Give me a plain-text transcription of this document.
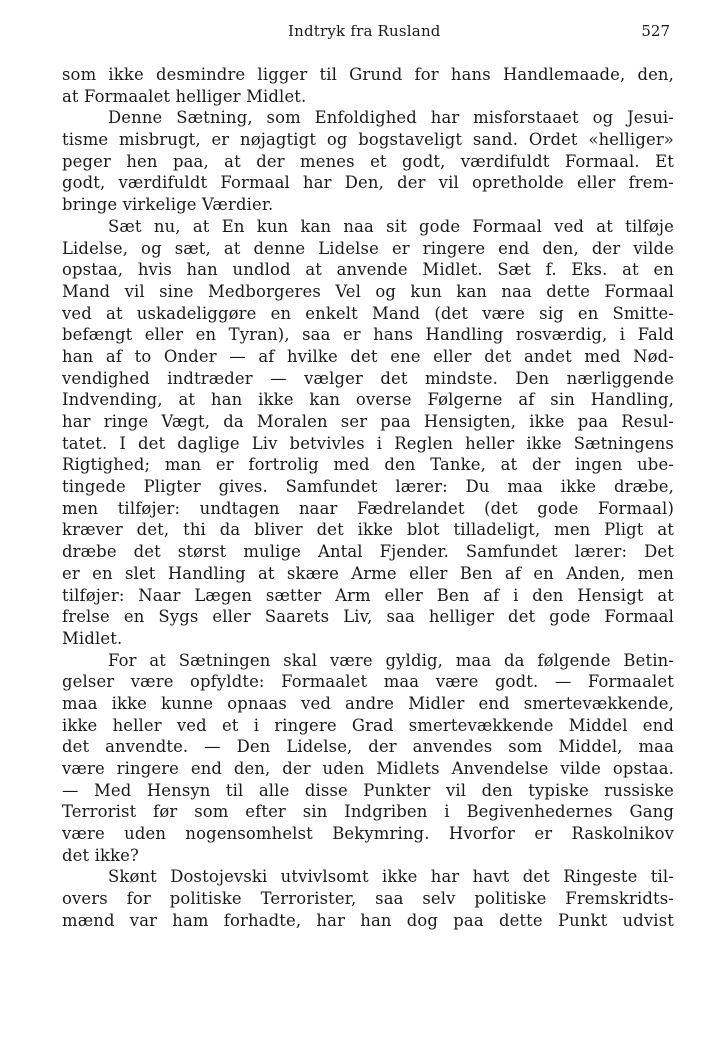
Indtryk fra Rusland	527
som ikke desmindre ligger til Grund for hans Handlemaade, den,
at Formaalet helliger Midlet.
Denne Sætning, som Enfoldighed har misforstaaet og Jesui-
tisme misbrugt, er nøjagtigt og bogstaveligt sand. Ordet «helliger»
peger hen paa, at der menes et godt, værdifuldt Formaal. Et
godt, værdifuldt Formaal har Den, der vil opretholde eller frem-
bringe virkelige Værdier.
Sæt nu, at En kun kan naa sit gode Formaal ved at tilføje
Lidelse, og sæt, at denne Lidelse er ringere end den, der vilde
opstaa, hvis han undlod at anvende Midlet. Sæt f. Eks. at en
Mand vil sine Medborgeres Vel og kun kan naa dette Formaal
ved at uskadeliggøre en enkelt Mand (det være sig en Smitte-
befængt eller en Tyran), saa er hans Handling rosværdig, i Fald
han af to Onder — af hvilke det ene eller det andet med Nød-
vendighed indtræder — vælger det mindste. Den nærliggende
Indvending, at han ikke kan overse Følgerne af sin Handling,
har ringe Vægt, da Moralen ser paa Hensigten, ikke paa Resul-
tatet. I det daglige Liv betvivles i Reglen heller ikke Sætningens
Rigtighed; man er fortrolig med den Tanke, at der ingen ube-
tingede Pligter gives. Samfundet lærer: Du maa ikke dræbe,
men tilføjer: undtagen naar Fædrelandet (det gode Formaal)
kræver det, thi da bliver det ikke blot tilladeligt, men Pligt at
dræbe det størst mulige Antal Fjender. Samfundet lærer: Det
er en slet Handling at skære Arme eller Ben af en Anden, men
tilføjer: Naar Lægen sætter Arm eller Ben af i den Hensigt at
frelse en Sygs eller Saarets Liv, saa helliger det gode Formaal
Midlet.
For at Sætningen skal være gyldig, maa da følgende Betin-
gelser være opfyldte: Formaalet maa være godt. — Formaalet
maa ikke kunne opnaas ved andre Midler end smertevækkende,
ikke heller ved et i ringere Grad smertevækkende Middel end
det anvendte. — Den Lidelse, der anvendes som Middel, maa
være ringere end den, der uden Midlets Anvendelse vilde opstaa.
— Med Hensyn til alle disse Punkter vil den typiske russiske
Terrorist før som efter sin Indgriben i Begivenhedernes Gang
være uden nogensomhelst Bekymring. Hvorfor er Raskolnikov
det ikke?
Skønt Dostojevski utvivlsomt ikke har havt det Ringeste til-
overs for politiske Terrorister, saa selv politiske Fremskridts-
mænd var ham forhadte, har han dog paa dette Punkt udvist
